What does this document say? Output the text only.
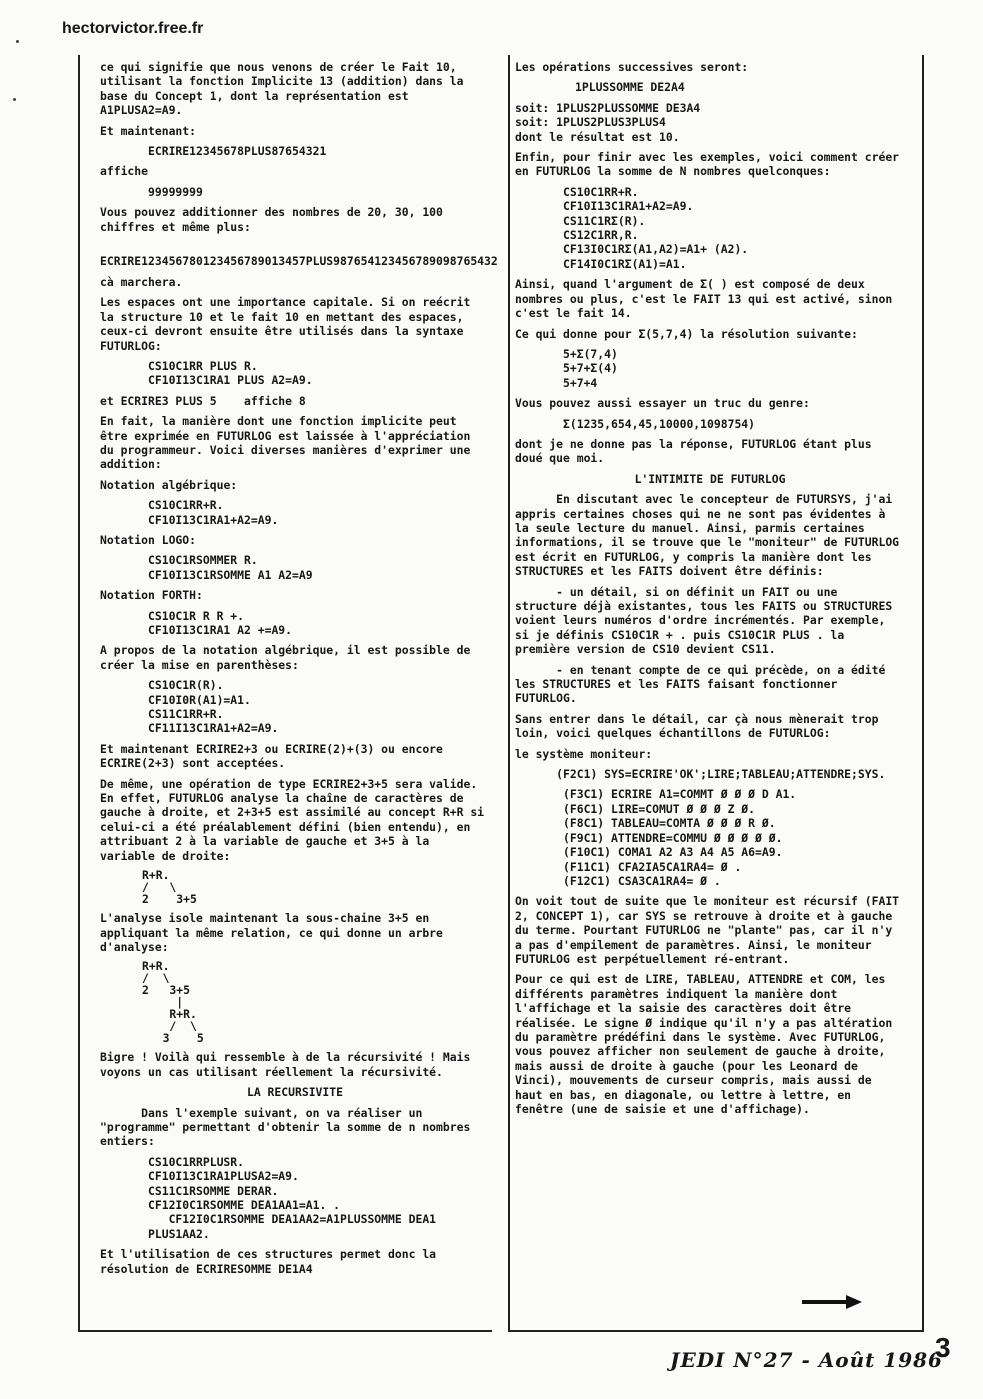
hectorvictor.free.fr

ce qui signifie que nous venons de créer le Fait 10, utilisant la fonction Implicite 13 (addition) dans la base du Concept 1, dont la représentation est A1PLUSA2=A9.

Et maintenant:

ECRIRE12345678PLUS87654321

affiche

99999999

Vous pouvez additionner des nombres de 20, 30, 100 chiffres et même plus:

ECRIRE123456780123456789013457PLUS987654123456789098765432

cà marchera.

Les espaces ont une importance capitale. Si on reécrit la structure 10 et le fait 10 en mettant des espaces, ceux-ci devront ensuite être utilisés dans la syntaxe FUTURLOG:

CS10C1RR PLUS R.
CF10I13C1RA1 PLUS A2=A9.

et ECRIRE3 PLUS 5    affiche 8

En fait, la manière dont une fonction implicite peut être exprimée en FUTURLOG est laissée à l'appréciation du programmeur. Voici diverses manières d'exprimer une addition:

Notation algébrique:

CS10C1RR+R.
CF10I13C1RA1+A2=A9.

Notation LOGO:

CS10C1RSOMMER R.
CF10I13C1RSOMME A1 A2=A9

Notation FORTH:

CS10C1R R R +.
CF10I13C1RA1 A2 +=A9.

A propos de la notation algébrique, il est possible de créer la mise en parenthèses:

CS10C1R(R).
CF10I0R(A1)=A1.
CS11C1RR+R.
CF11I13C1RA1+A2=A9.

Et maintenant ECRIRE2+3 ou ECRIRE(2)+(3) ou encore ECRIRE(2+3) sont acceptées.

De même, une opération de type ECRIRE2+3+5 sera valide. En effet, FUTURLOG analyse la chaîne de caractères de gauche à droite, et 2+3+5 est assimilé au concept R+R si celui-ci a été préalablement défini (bien entendu), en attribuant 2 à la variable de gauche et 3+5 à la variable de droite:

R+R.
/   \
2    3+5

L'analyse isole maintenant la sous-chaine 3+5 en appliquant la même relation, ce qui donne un arbre d'analyse:

R+R.
/  \
2   3+5
|
R+R.
/  \
3    5

Bigre ! Voilà qui ressemble à de la récursivité ! Mais voyons un cas utilisant réellement la récursivité.

LA RECURSIVITE

Dans l'exemple suivant, on va réaliser un "programme" permettant d'obtenir la somme de n nombres entiers:

CS10C1RRPLUSR.
CF10I13C1RA1PLUSA2=A9.
CS11C1RSOMME DERAR.
CF12I0C1RSOMME DEA1AA1=A1. .
CF12I0C1RSOMME DEA1AA2=A1PLUSSOMME DEA1
PLUS1AA2.

Et l'utilisation de ces structures permet donc la résolution de ECRIRESOMME DE1A4

Les opérations successives seront:

1PLUSSOMME DE2A4

soit: 1PLUS2PLUSSOMME DE3A4
soit: 1PLUS2PLUS3PLUS4
dont le résultat est 10.

Enfin, pour finir avec les exemples, voici comment créer en FUTURLOG la somme de N nombres quelconques:

CS10C1RR+R.
CF10I13C1RA1+A2=A9.
CS11C1RΣ(R).
CS12C1RR,R.
CF13I0C1RΣ(A1,A2)=A1+ (A2).
CF14I0C1RΣ(A1)=A1.

Ainsi, quand l'argument de Σ( ) est composé de deux nombres ou plus, c'est le FAIT 13 qui est activé, sinon c'est le fait 14.

Ce qui donne pour Σ(5,7,4) la résolution suivante:

5+Σ(7,4)
5+7+Σ(4)
5+7+4

Vous pouvez aussi essayer un truc du genre:

Σ(1235,654,45,10000,1098754)

dont je ne donne pas la réponse, FUTURLOG étant plus doué que moi.

L'INTIMITE DE FUTURLOG

En discutant avec le concepteur de FUTURSYS, j'ai appris certaines choses qui ne ne sont pas évidentes à la seule lecture du manuel. Ainsi, parmis certaines informations, il se trouve que le "moniteur" de FUTURLOG est écrit en FUTURLOG, y compris la manière dont les STRUCTURES et les FAITS doivent être définis:

- un détail, si on définit un FAIT ou une structure déjà existantes, tous les FAITS ou STRUCTURES voient leurs numéros d'ordre incrémentés. Par exemple, si je définis CS10C1R + . puis CS10C1R PLUS . la première version de CS10 devient CS11.

- en tenant compte de ce qui précède, on a édité les STRUCTURES et les FAITS faisant fonctionner FUTURLOG.

Sans entrer dans le détail, car çà nous mènerait trop loin, voici quelques échantillons de FUTURLOG:

le système moniteur:

(F2C1) SYS=ECRIRE'OK';LIRE;TABLEAU;ATTENDRE;SYS.

(F3C1) ECRIRE A1=COMMT Ø Ø Ø D A1.
(F6C1) LIRE=COMUT Ø Ø Ø Z Ø.
(F8C1) TABLEAU=COMTA Ø Ø Ø R Ø.
(F9C1) ATTENDRE=COMMU Ø Ø Ø Ø Ø.
(F10C1) COMA1 A2 A3 A4 A5 A6=A9.
(F11C1) CFA2IA5CA1RA4= Ø .
(F12C1) CSA3CA1RA4= Ø .

On voit tout de suite que le moniteur est récursif (FAIT 2, CONCEPT 1), car SYS se retrouve à droite et à gauche du terme. Pourtant FUTURLOG ne "plante" pas, car il n'y a pas d'empilement de paramètres. Ainsi, le moniteur FUTURLOG est perpétuellement ré-entrant.

Pour ce qui est de LIRE, TABLEAU, ATTENDRE et COM, les différents paramètres indiquent la manière dont l'affichage et la saisie des caractères doit être réalisée. Le signe Ø indique qu'il n'y a pas altération du paramètre prédéfini dans le système. Avec FUTURLOG, vous pouvez afficher non seulement de gauche à droite, mais aussi de droite à gauche (pour les Leonard de Vinci), mouvements de curseur compris, mais aussi de haut en bas, en diagonale, ou lettre à lettre, en fenêtre (une de saisie et une d'affichage).

JEDI N°27 - Août 1986
3
